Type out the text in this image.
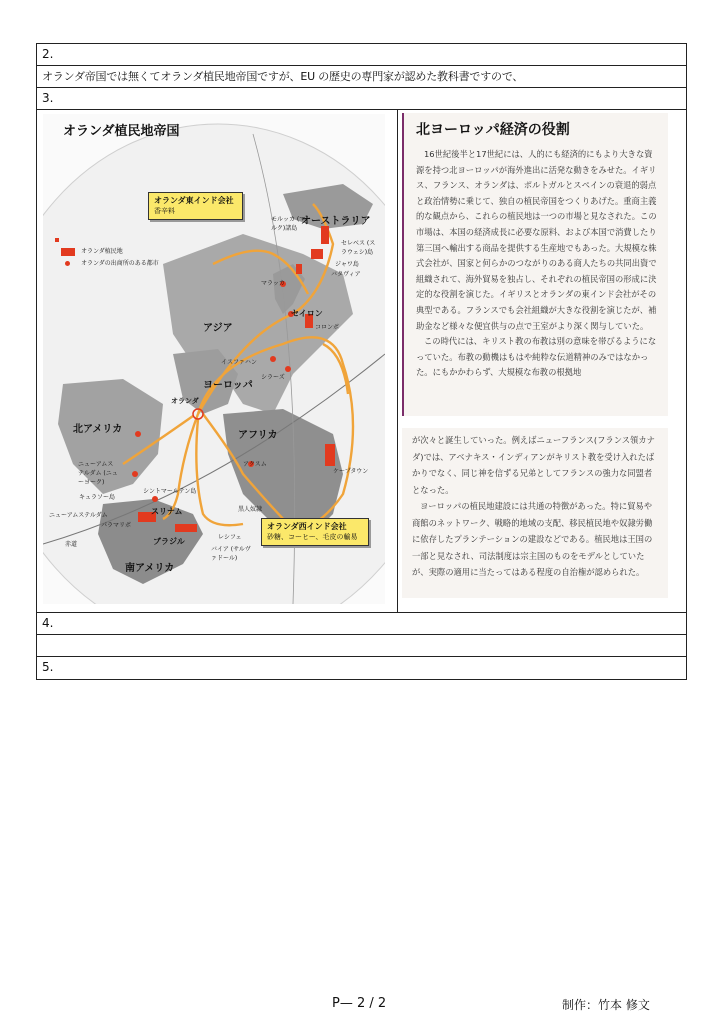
2.
オランダ帝国では無くてオランダ植民地帝国ですが、EU の歴史の専門家が認めた教科書ですので、
3.
オランダ植民地帝国
オランダ植民地
オランダの出商所のある都市
オランダ東インド会社
香辛料
オランダ西インド会社
砂糖、コーヒー、毛皮の輸易
オーストラリア
モルッカ (マルク)諸島
セレベス (スラウェシ)島
ジャワ島
バタヴィア
マラッカ
セイロン
コロンボ
アジア
イスファハン
シラーズ
ヨーロッパ
オランダ
アフリカ
ケープタウン
アクスム
北アメリカ
ニューアムステルダム (ニューヨーク)
キュラソー島
シントマールテン島
ニューアムステルダム
パラマリボ
スリナム
ブラジル	レシフェ
バイア (サルヴァドール)
南アメリカ
赤道
黒人奴隷
北ヨーロッパ経済の役割

16世紀後半と17世紀には、人的にも経済的にもより大きな資源を持つ北ヨーロッパが海外進出に活発な動きをみせた。イギリス、フランス、オランダは、ポルトガルとスペインの衰退的弱点と政治情勢に乗じて、独自の植民帝国をつくりあげた。重商主義的な観点から、これらの植民地は一つの市場と見なされた。この市場は、本国の経済成長に必要な原料、および本国で消費したり第三国へ輸出する商品を提供する生産地でもあった。大規模な株式会社が、国家と何らかのつながりのある商人たちの共同出資で組織されて、海外貿易を独占し、それぞれの植民帝国の形成に決定的な役割を演じた。イギリスとオランダの東インド会社がその典型である。フランスでも会社組織が大きな役割を演じたが、補助金など様々な便宜供与の点で王室がより深く関与していた。

この時代には、キリスト教の布教は別の意味を帯びるようになっていた。布教の動機はもはや純粋な伝道精神のみではなかった。にもかかわらず、大規模な布教の根拠地

が次々と誕生していった。例えばニューフランス(フランス領カナダ)では、アベナキス・インディアンがキリスト教を受け入れたばかりでなく、同じ神を信ずる兄弟としてフランスの強力な同盟者となった。

ヨーロッパの植民地建設には共通の特徴があった。特に貿易や商館のネットワーク、戦略的地域の支配、移民植民地や奴隷労働に依存したプランテーションの建設などである。植民地は王国の一部と見なされ、司法制度は宗主国のものをモデルとしていたが、実際の適用に当たってはある程度の自治権が認められた。

4.
5.
P— 2 / 2	制作：竹本 修文
